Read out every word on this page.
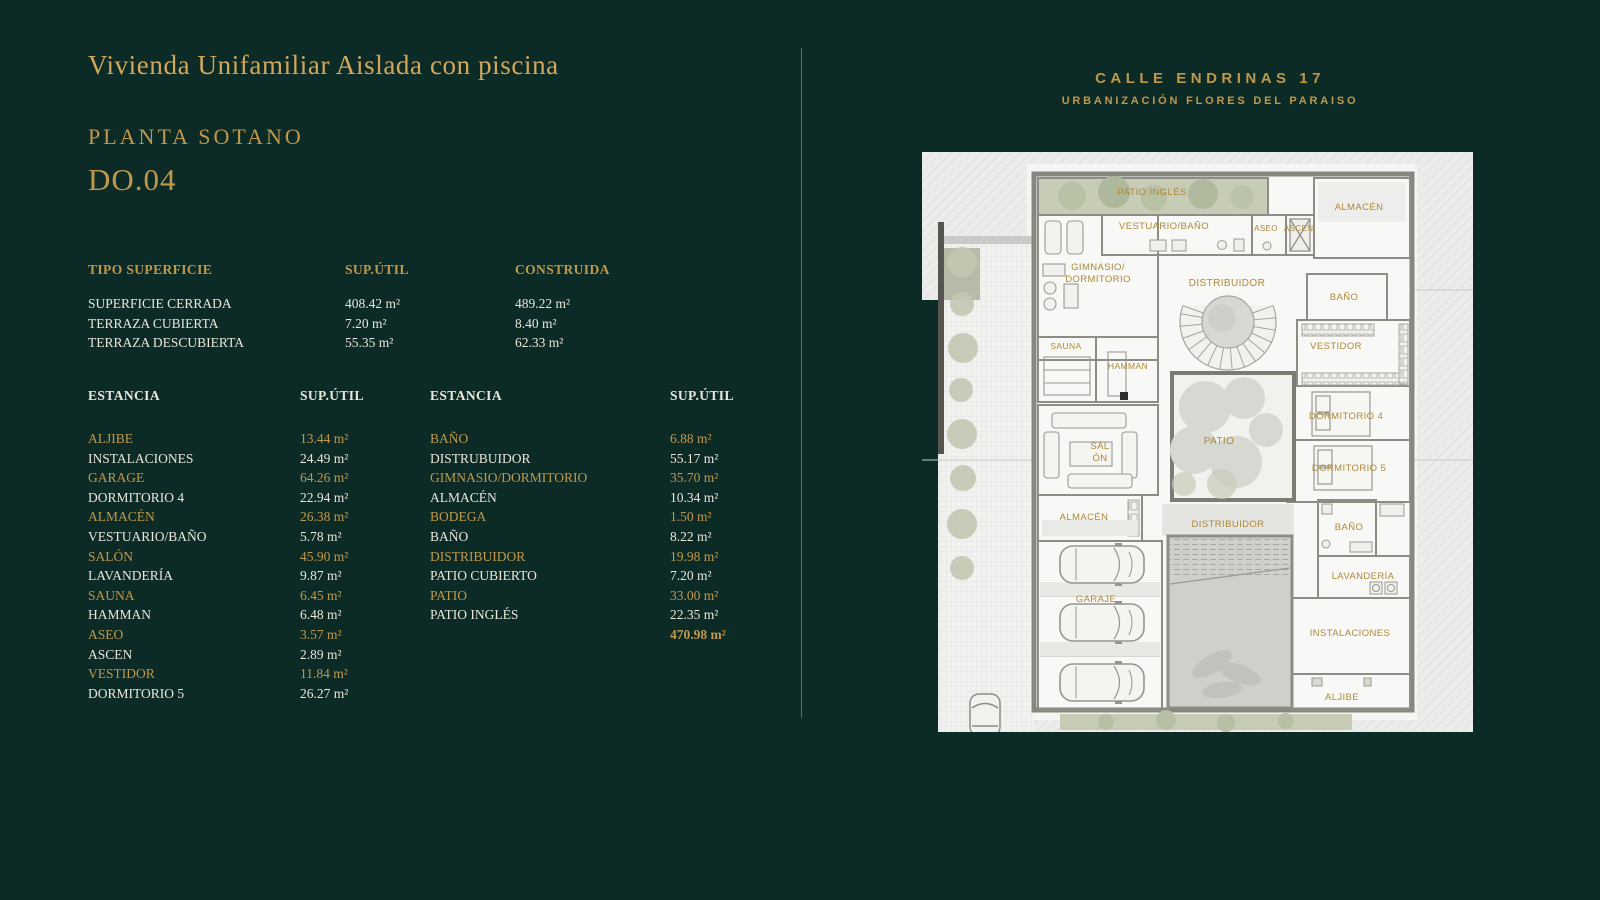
Vivienda Unifamiliar Aislada con piscina
PLANTA SOTANO
DO.04
CALLE ENDRINAS 17
URBANIZACIÓN FLORES DEL PARAISO
TIPO SUPERFICIE	SUP.ÚTIL	CONSTRUIDA
SUPERFICIE CERRADA	408.42 m²	489.22 m²
TERRAZA CUBIERTA	7.20 m²	8.40 m²
TERRAZA DESCUBIERTA	55.35 m²	62.33 m²
ESTANCIA	SUP.ÚTIL
ALJIBE	13.44 m²
INSTALACIONES	24.49 m²
GARAGE	64.26 m²
DORMITORIO 4	22.94 m²
ALMACÉN	26.38 m²
VESTUARIO/BAÑO	5.78 m²
SALÓN	45.90 m²
LAVANDERÍA	9.87 m²
SAUNA	6.45 m²
HAMMAN	6.48 m²
ASEO	3.57 m²
ASCEN	2.89 m²
VESTIDOR	11.84 m²
DORMITORIO 5	26.27 m²
ESTANCIA	SUP.ÚTIL
BAÑO	6.88 m²
DISTRUBUIDOR	55.17 m²
GIMNASIO/DORMITORIO	35.70 m²
ALMACÉN	10.34 m²
BODEGA	1.50 m²
BAÑO	8.22 m²
DISTRIBUIDOR	19.98 m²
PATIO CUBIERTO	7.20 m²
PATIO	33.00 m²
PATIO INGLÉS	22.35 m²
470.98 m²
PATIO INGLÉS
VESTUARIO/BAÑO	ASEO ASCEN.
ALMACÉN
GIMNASIO/
DORMITORIO	DISTRIBUIDOR
BAÑO
SAUNA
HAMMAN
VESTIDOR
DORMITORIO 4
SAL
ÓN
PATIO
DORMITORIO 5
ALMACÉN
DISTRIBUIDOR	BAÑO
LAVANDERÍA
GARAJE
INSTALACIONES
ALJIBE
